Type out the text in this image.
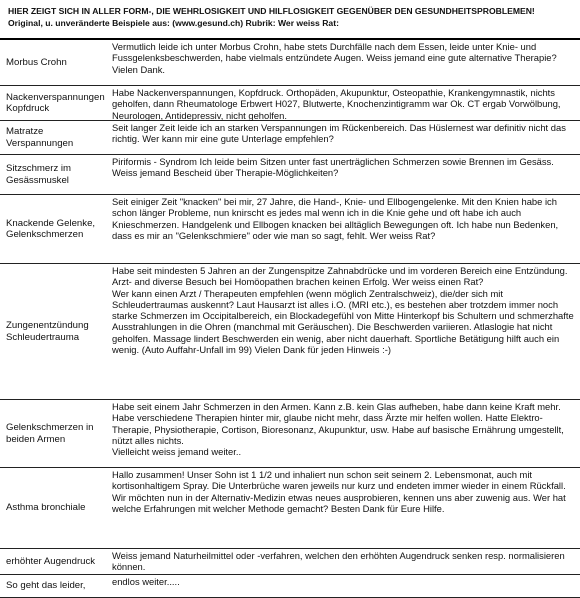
HIER ZEIGT SICH IN ALLER FORM-, DIE WEHRLOSIGKEIT UND HILFLOSIGKEIT GEGENÜBER DEN GESUNDHEITSPROBLEMEN!
Original, u. unveränderte Beispiele aus: (www.gesund.ch) Rubrik: Wer weiss Rat:
Morbus Crohn

Vermutlich leide ich unter Morbus Crohn, habe stets Durchfälle nach dem Essen, leide unter Knie- und Fussgelenksbeschwerden, habe vielmals entzündete Augen. Weiss jemand eine gute alternative Therapie? Vielen Dank.

Nackenverspannungen Kopfdruck

Habe Nackenverspannungen, Kopfdruck. Orthopäden, Akupunktur, Osteopathie, Krankengymnastik, nichts geholfen, dann Rheumatologe Erbwert H027, Blutwerte, Knochenzintigramm war Ok. CT ergab Vorwölbung, Neurologen, Antidepressiv, nicht geholfen.

Matratze Verspannungen

Seit langer Zeit leide ich an starken Verspannungen im Rückenbereich. Das Hüslernest war definitiv nicht das richtig. Wer kann mir eine gute Unterlage empfehlen?

Sitzschmerz im Gesässmuskel

Piriformis - Syndrom Ich leide beim Sitzen unter fast unerträglichen Schmerzen sowie Brennen im Gesäss.

Weiss jemand Bescheid über Therapie-Möglichkeiten?

Knackende Gelenke, Gelenkschmerzen

Seit einiger Zeit "knacken" bei mir, 27 Jahre, die Hand-, Knie- und Ellbogengelenke. Mit den Knien habe ich schon länger Probleme, nun knirscht es jedes mal wenn ich in die Knie gehe und oft habe ich auch Knieschmerzen. Handgelenk und Ellbogen knacken bei alltäglich Bewegungen oft. Ich habe nun Bedenken, dass es mir an "Gelenkschmiere" oder wie man so sagt, fehlt. Wer weiss Rat?

Zungenentzündung Schleudertrauma

Habe seit mindesten 5 Jahren an der Zungenspitze Zahnabdrücke und im vorderen Bereich eine Entzündung. Arzt- and diverse Besuch bei Homöopathen brachen keinen Erfolg. Wer weiss einen Rat?

Wer kann einen Arzt / Therapeuten empfehlen (wenn möglich Zentralschweiz), die/der sich mit Schleudertraumas auskennt? Laut Hausarzt ist alles i.O. (MRI etc.), es bestehen aber trotzdem immer noch starke Schmerzen im Occipitalbereich, ein Blockadegefühl von Mitte Hinterkopf bis Schultern und schmerzhafte Ausstrahlungen in die Ohren (manchmal mit Geräuschen). Die Beschwerden variieren. Atlaslogie hat nicht geholfen. Massage lindert Beschwerden ein wenig, aber nicht dauerhaft. Sportliche Betätigung hilft auch ein wenig. (Auto Auffahr-Unfall im 99) Vielen Dank für jeden Hinweis :-)

Gelenkschmerzen in beiden Armen

Habe seit einem Jahr Schmerzen in den Armen. Kann z.B. kein Glas aufheben, habe dann keine Kraft mehr. Habe verschiedene Therapien hinter mir, glaube nicht mehr, dass Ärzte mir helfen wollen. Hatte Elektro-Therapie, Physiotherapie, Cortison, Bioresonanz, Akupunktur, usw. Habe auf basische Ernährung umgestellt, nützt alles nichts.

Vielleicht weiss jemand weiter..

Asthma bronchiale

Hallo zusammen! Unser Sohn ist 1 1/2 und inhaliert nun schon seit seinem 2. Lebensmonat, auch mit kortisonhaltigem Spray. Die Unterbrüche waren jeweils nur kurz und endeten immer wieder in einem Rückfall. Wir möchten nun in der Alternativ-Medizin etwas neues ausprobieren, kennen uns aber zuwenig aus. Wer hat welche Erfahrungen mit welcher Methode gemacht? Besten Dank für Eure Hilfe.

erhöhter Augendruck

Weiss jemand Naturheilmittel oder -verfahren, welchen den erhöhten Augendruck senken resp. normalisieren können.

So geht das leider,	endlos weiter.....
